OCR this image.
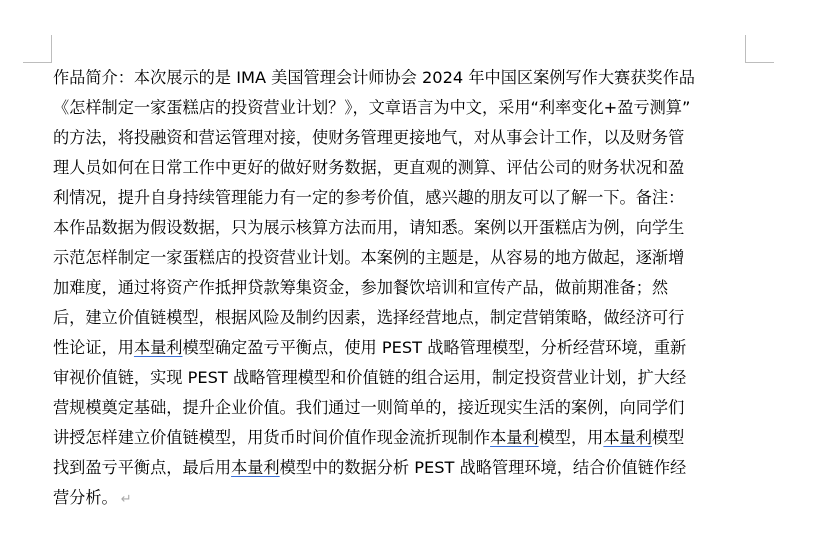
作品简介：本次展示的是 IMA 美国管理会计师协会 2024 年中国区案例写作大赛获奖作品
《怎样制定一家蛋糕店的投资营业计划？》，文章语言为中文，采用“利率变化+盈亏测算”
的方法，将投融资和营运管理对接，使财务管理更接地气，对从事会计工作，以及财务管
理人员如何在日常工作中更好的做好财务数据，更直观的测算、评估公司的财务状况和盈
利情况，提升自身持续管理能力有一定的参考价值，感兴趣的朋友可以了解一下。备注：
本作品数据为假设数据，只为展示核算方法而用，请知悉。案例以开蛋糕店为例，向学生
示范怎样制定一家蛋糕店的投资营业计划。本案例的主题是，从容易的地方做起，逐渐增
加难度，通过将资产作抵押贷款筹集资金，参加餐饮培训和宣传产品，做前期准备；然
后，建立价值链模型，根据风险及制约因素，选择经营地点，制定营销策略，做经济可行
性论证，用本量利模型确定盈亏平衡点，使用 PEST 战略管理模型，分析经营环境，重新
审视价值链，实现 PEST 战略管理模型和价值链的组合运用，制定投资营业计划，扩大经
营规模奠定基础，提升企业价值。我们通过一则简单的，接近现实生活的案例，向同学们
讲授怎样建立价值链模型，用货币时间价值作现金流折现制作本量利模型，用本量利模型
找到盈亏平衡点，最后用本量利模型中的数据分析 PEST 战略管理环境，结合价值链作经
营分析。 ↵
